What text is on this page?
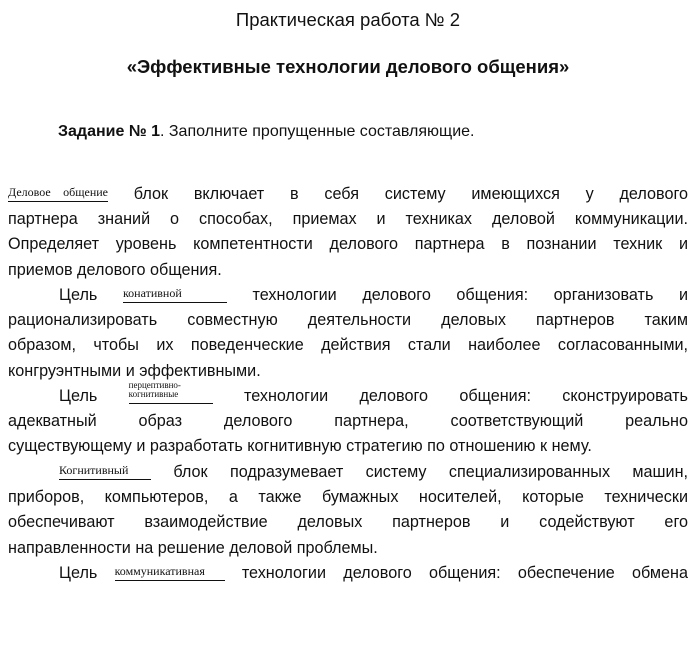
Практическая работа № 2
«Эффективные технологии делового общения»
Задание № 1. Заполните пропущенные составляющие.
Деловое общение блок включает в себя систему имеющихся у делового
партнера знаний о способах, приемах и техниках деловой коммуникации.
Определяет уровень компетентности делового партнера в познании техник и
приемов делового общения.
Цель конативной	технологии делового общения: организовать и
рационализировать совместную деятельности деловых партнеров таким
образом, чтобы их поведенческие действия стали наиболее согласованными,
конгруэнтными и эффективными.
Цель
перцептивно-
когнитивные	технологии делового общения: сконструировать
адекватный образ делового партнера, соответствующий реально
существующему и разработать когнитивную стратегию по отношению к нему.
Когнитивный	блок подразумевает систему специализированных машин,
приборов, компьютеров, а также бумажных носителей, которые технически
обеспечивают взаимодействие деловых партнеров и содействуют его
направленности на решение деловой проблемы.
Цель коммуникативная технологии делового общения: обеспечение обмена
